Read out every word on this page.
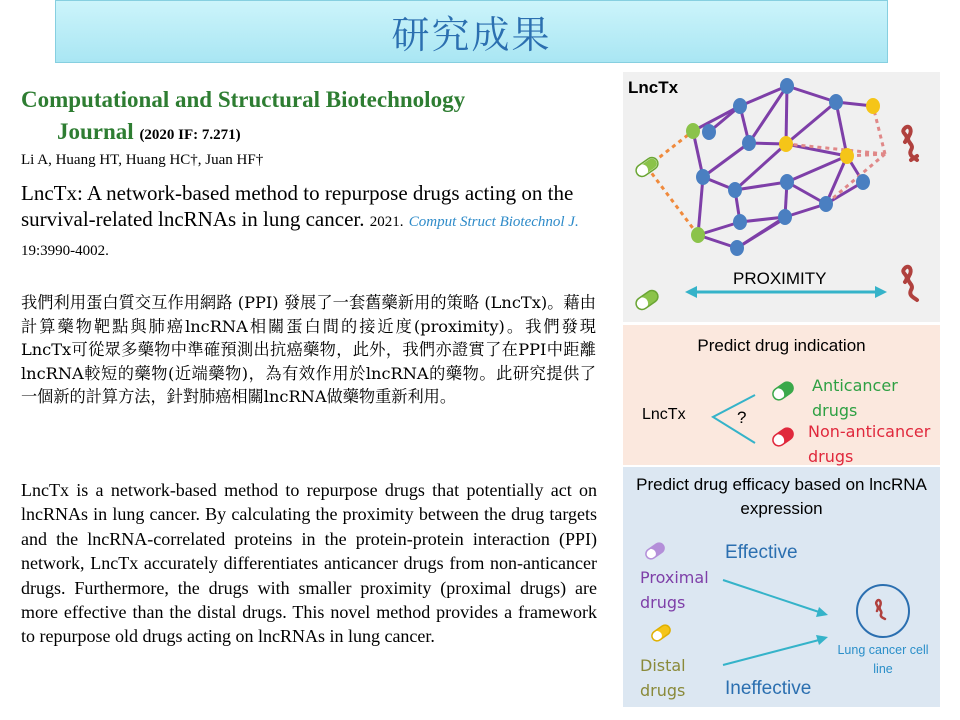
研究成果
Computational and Structural Biotechnology
Journal (2020 IF: 7.271)
Li A, Huang HT, Huang HC†, Juan HF†
LncTx: A network-based method to repurpose drugs acting on the survival-related lncRNAs in lung cancer. 2021. Comput Struct Biotechnol J. 19:3990-4002.
我們利用蛋白質交互作用網路 (PPI) 發展了一套舊藥新用的策略 (LncTx)。藉由計算藥物靶點與肺癌lncRNA相關蛋白間的接近度(proximity)。我們發現LncTx可從眾多藥物中準確預測出抗癌藥物，此外，我們亦證實了在PPI中距離 lncRNA較短的藥物(近端藥物)，為有效作用於lncRNA的藥物。此研究提供了一個新的計算方法，針對肺癌相關lncRNA做藥物重新利用。
LncTx is a network-based method to repurpose drugs that potentially act on lncRNAs in lung cancer. By calculating the proximity between the drug targets and the lncRNA-correlated proteins in the protein-protein interaction (PPI) network, LncTx accurately differentiates anticancer drugs from non-anticancer drugs. Furthermore, the drugs with smaller proximity (proximal drugs) are more effective than the distal drugs. This novel method provides a framework to repurpose old drugs acting on lncRNAs in lung cancer.
LncTx
PROXIMITY
Predict drug indication
LncTx	?
Anticancer drugs
Non-anticancer drugs
Predict drug efficacy based on lncRNA expression
Effective
Ineffective
Proximal drugs
Distal drugs
Lung cancer cell line
